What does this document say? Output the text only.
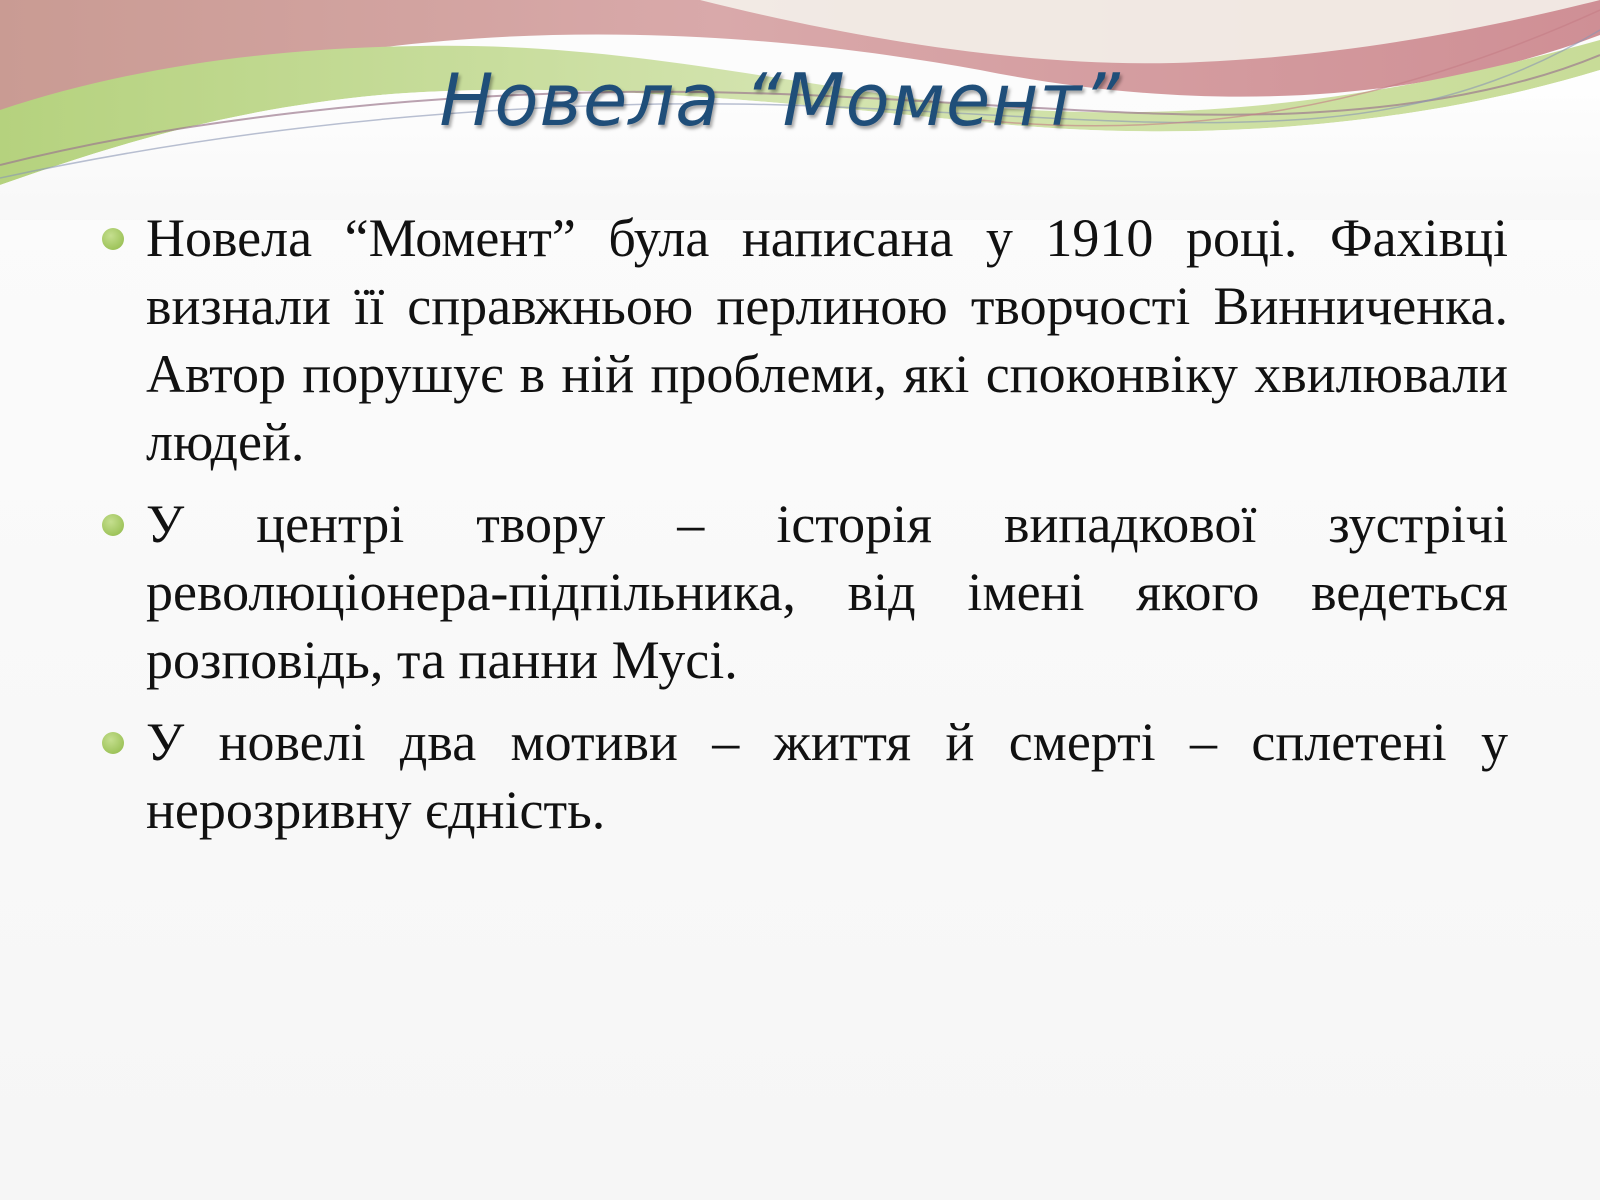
Новела “Момент”
Новела “Момент” була написана у 1910 році. Фахівці визнали її справжньою перлиною творчості Винниченка. Автор порушує в ній проблеми, які споконвіку хвилювали людей.
У центрі твору – історія випадкової зустрічі революціонера-підпільника, від імені якого ведеться розповідь, та панни Мусі.
У новелі два мотиви – життя й смерті – сплетені у нерозривну єдність.
